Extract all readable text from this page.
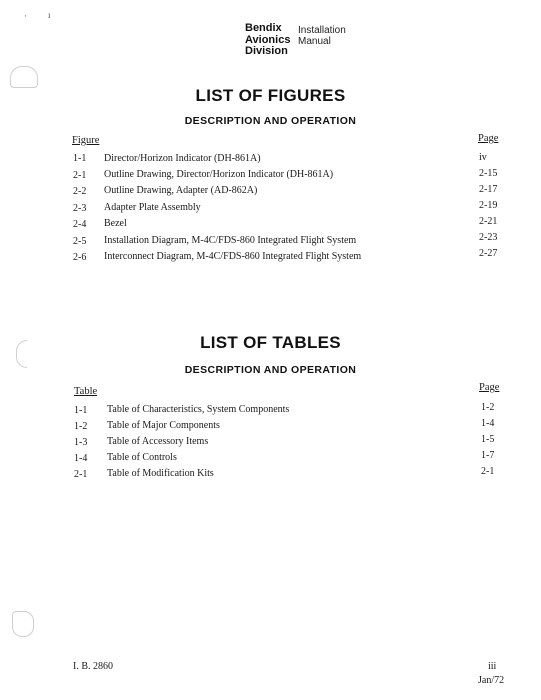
· ı
Bendix
Avionics
Division
Installation
Manual
LIST OF FIGURES
DESCRIPTION AND OPERATION
Figure	Page
1-1 Director/Horizon Indicator (DH-861A)	iv
2-1 Outline Drawing, Director/Horizon Indicator (DH-861A)	2-15
2-2 Outline Drawing, Adapter (AD-862A)	2-17
2-3 Adapter Plate Assembly	2-19
2-4 Bezel	2-21
2-5 Installation Diagram, M-4C/FDS-860 Integrated Flight System	2-23
2-6 Interconnect Diagram, M-4C/FDS-860 Integrated Flight System	2-27
LIST OF TABLES
DESCRIPTION AND OPERATION
Table	Page
1-1 Table of Characteristics, System Components	1-2
1-2 Table of Major Components	1-4
1-3 Table of Accessory Items	1-5
1-4 Table of Controls	1-7
2-1 Table of Modification Kits	2-1
I. B. 2860	iii
Jan/72
